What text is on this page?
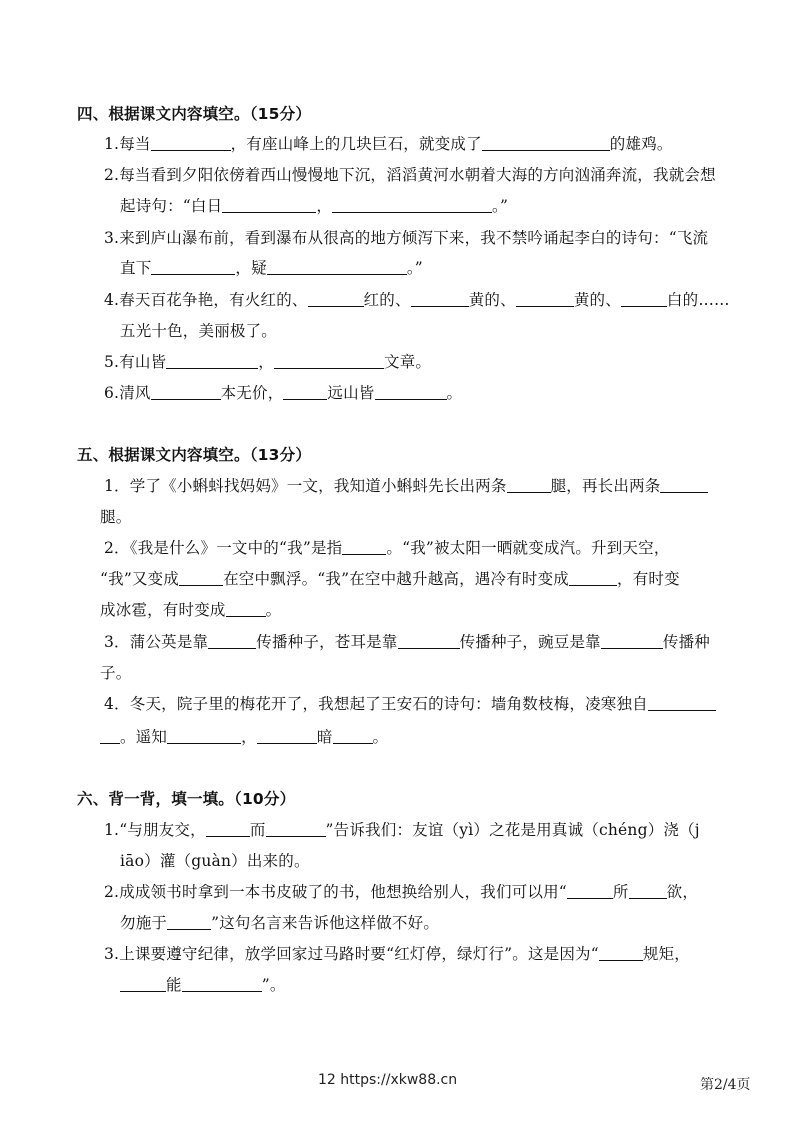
四、根据课文内容填空。（15分）
1.每当	，有座山峰上的几块巨石，就变成了	的雄鸡。
2.每当看到夕阳依傍着西山慢慢地下沉，滔滔黄河水朝着大海的方向汹涌奔流，我就会想
起诗句：“白日	，	。”
3.来到庐山瀑布前，看到瀑布从很高的地方倾泻下来，我不禁吟诵起李白的诗句：“飞流
直下	，疑	。”
4.春天百花争艳，有火红的、	红的、	黄的、	黄的、	白的……
五光十色，美丽极了。
5.有山皆	，	文章。
6.清风	本无价，	远山皆	。
五、根据课文内容填空。（13分）
1．学了《小蝌蚪找妈妈》一文，我知道小蝌蚪先长出两条	腿，再长出两条
腿。
2．《我是什么》一文中的“我”是指	。“我”被太阳一晒就变成汽。升到天空，
“我”又变成	在空中飘浮。“我”在空中越升越高，遇冷有时变成	，有时变
成冰雹，有时变成	。
3．蒲公英是靠	传播种子，苍耳是靠	传播种子，豌豆是靠	传播种
子。
4．冬天，院子里的梅花开了，我想起了王安石的诗句：墙角数枝梅，凌寒独自
。遥知	，	暗	。
六、背一背，填一填。（10分）
1.“与朋友交，	而	”告诉我们：友谊（yì）之花是用真诚（chéng）浇（j
iāo）灌（guàn）出来的。
2.成成领书时拿到一本书皮破了的书，他想换给别人，我们可以用“	所 欲，
勿施于	”这句名言来告诉他这样做不好。
3.上课要遵守纪律，放学回家过马路时要“红灯停，绿灯行”。这是因为“	规矩，
能	”。
12 https://xkw88.cn	第2/4页
